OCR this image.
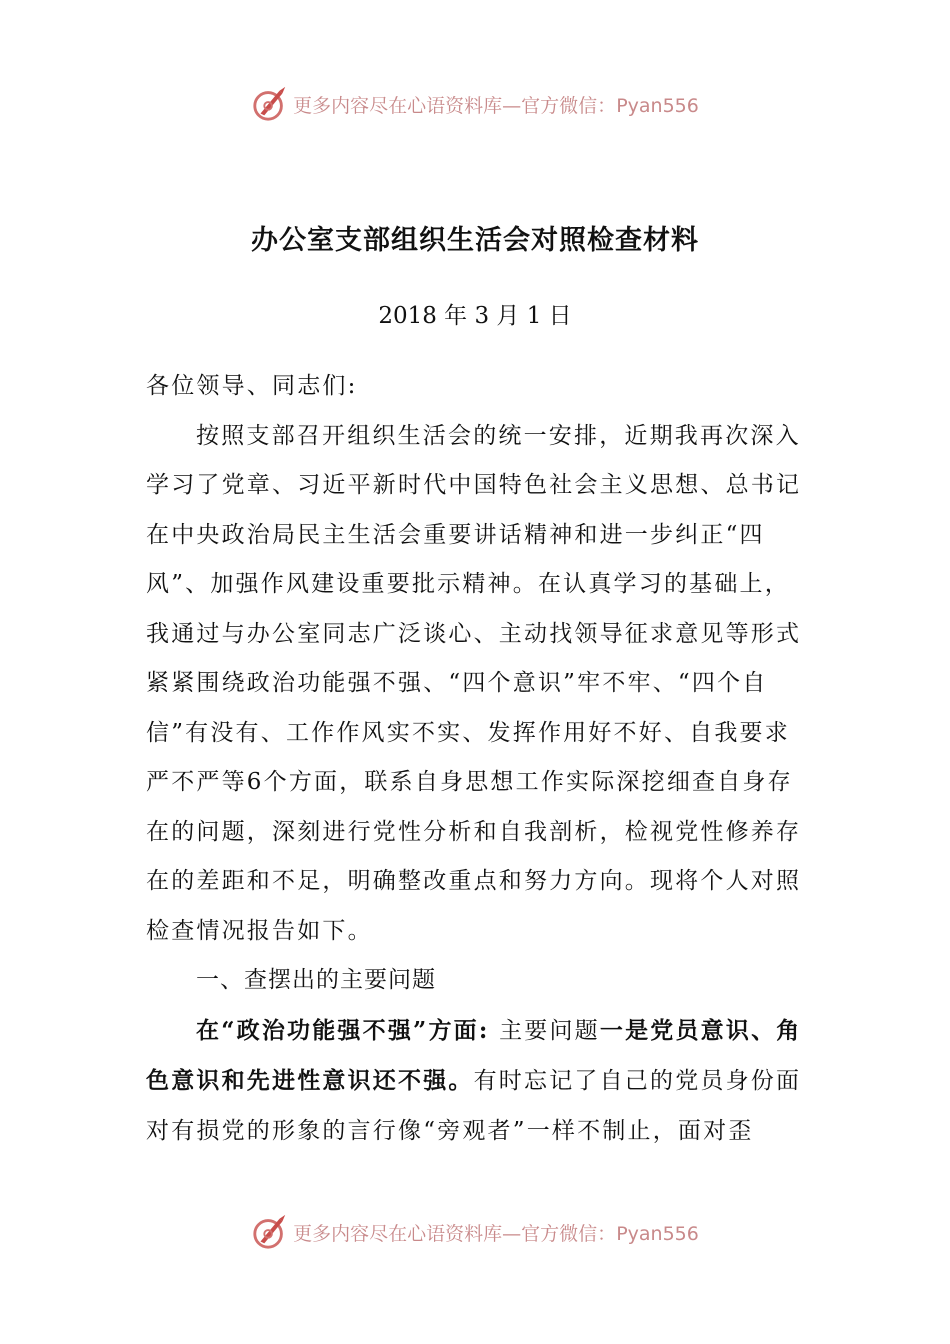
更多内容尽在心语资料库—官方微信：Pyan556
办公室支部组织生活会对照检查材料
2018 年 3 月 1 日

各位领导、同志们:

按照支部召开组织生活会的统一安排，近期我再次深入学习了党章、习近平新时代中国特色社会主义思想、总书记在中央政治局民主生活会重要讲话精神和进一步纠正“四风”、加强作风建设重要批示精神。在认真学习的基础上，我通过与办公室同志广泛谈心、主动找领导征求意见等形式紧紧围绕政治功能强不强、“四个意识”牢不牢、“四个自信”有没有、工作作风实不实、发挥作用好不好、自我要求严不严等6个方面，联系自身思想工作实际深挖细查自身存在的问题，深刻进行党性分析和自我剖析，检视党性修养存在的差距和不足，明确整改重点和努力方向。现将个人对照检查情况报告如下。

一、查摆出的主要问题

在“政治功能强不强”方面: 主要问题一是党员意识、角色意识和先进性意识还不强。有时忘记了自己的党员身份面对有损党的形象的言行像“旁观者”一样不制止，面对歪

更多内容尽在心语资料库—官方微信：Pyan556
